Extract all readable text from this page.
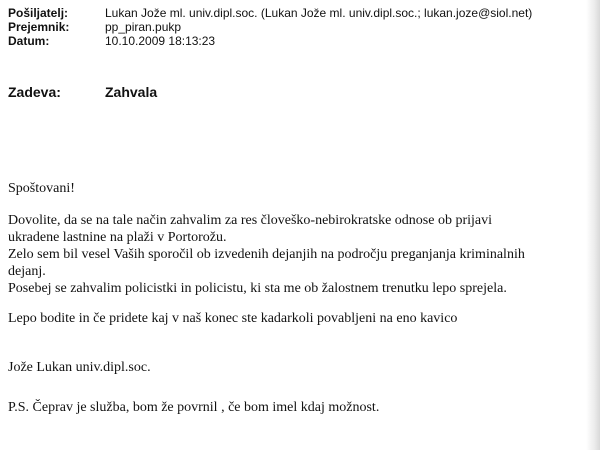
Pošiljatelj:	Lukan Jože ml. univ.dipl.soc. (Lukan Jože ml. univ.dipl.soc.; lukan.joze@siol.net)
Prejemnik:	pp_piran.pukp
Datum:	10.10.2009 18:13:23
Zadeva:	Zahvala

Spoštovani!

Dovolite, da se na tale način zahvalim za res človeško-nebirokratske odnose ob prijavi

ukradene lastnine na plaži v Portorožu.

Zelo sem bil vesel Vaših sporočil ob izvedenih dejanjih na področju preganjanja kriminalnih

dejanj.

Posebej se zahvalim policistki in policistu, ki sta me ob žalostnem trenutku lepo sprejela.

Lepo bodite in če pridete kaj v naš konec ste kadarkoli povabljeni na eno kavico

Jože Lukan univ.dipl.soc.

P.S. Čeprav je služba, bom že povrnil , če bom imel kdaj možnost.
